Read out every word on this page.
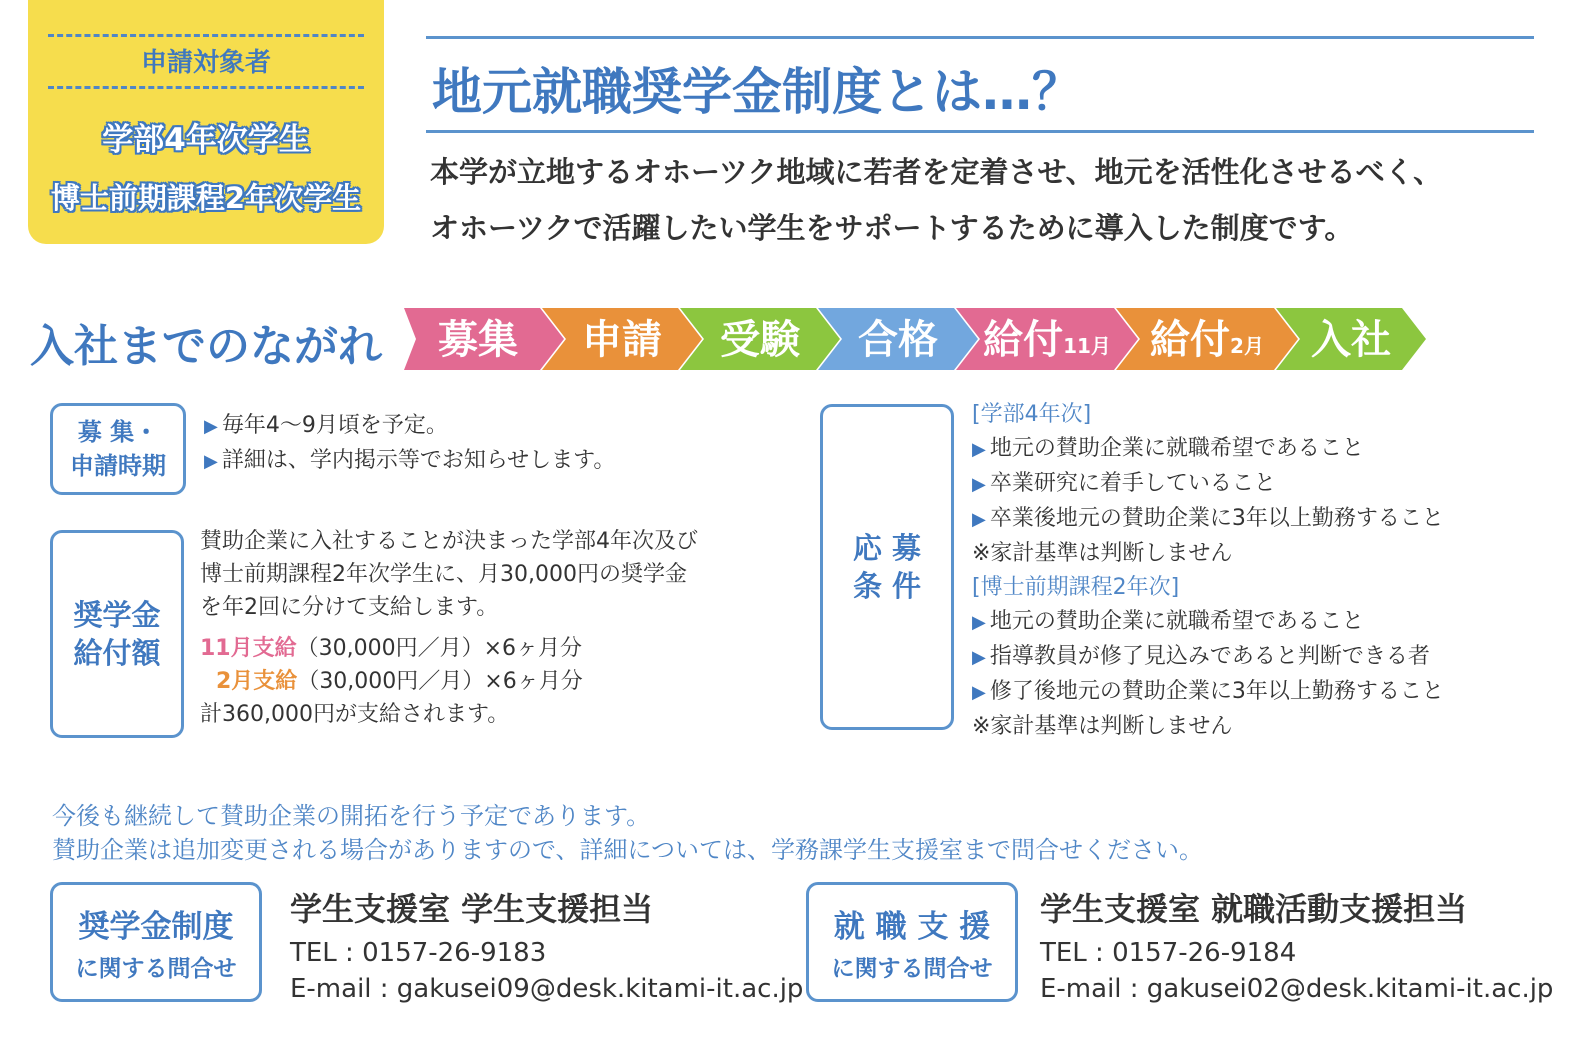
申請対象者
学部4年次学生
博士前期課程2年次学生
地元就職奨学金制度とは…？
本学が立地するオホーツク地域に若者を定着させ、地元を活性化させるべく、
オホーツクで活躍したい学生をサポートするために導入した制度です。
入社までのながれ 募集 申請 受験 合格 給付11月 給付2月 入社
募 集・
申請時期
▶ 毎年4～9月頃を予定。
▶ 詳細は、学内掲示等でお知らせします。
奨学金
給付額
賛助企業に入社することが決まった学部4年次及び
博士前期課程2年次学生に、月30,000円の奨学金
を年2回に分けて支給します。
11月支給（30,000円／月）×6ヶ月分
2月支給（30,000円／月）×6ヶ月分
計360,000円が支給されます。
応 募
条 件
[学部4年次]
▶ 地元の賛助企業に就職希望であること
▶ 卒業研究に着手していること
▶ 卒業後地元の賛助企業に3年以上勤務すること
※家計基準は判断しません
[博士前期課程2年次]
▶ 地元の賛助企業に就職希望であること
▶ 指導教員が修了見込みであると判断できる者
▶ 修了後地元の賛助企業に3年以上勤務すること
※家計基準は判断しません
今後も継続して賛助企業の開拓を行う予定であります。
賛助企業は追加変更される場合がありますので、詳細については、学務課学生支援室まで問合せください。
奨学金制度
に関する問合せ
学生支援室 学生支援担当
TEL : 0157-26-9183
E-mail : gakusei09@desk.kitami-it.ac.jp
就 職 支 援
に関する問合せ
学生支援室 就職活動支援担当
TEL : 0157-26-9184
E-mail : gakusei02@desk.kitami-it.ac.jp
